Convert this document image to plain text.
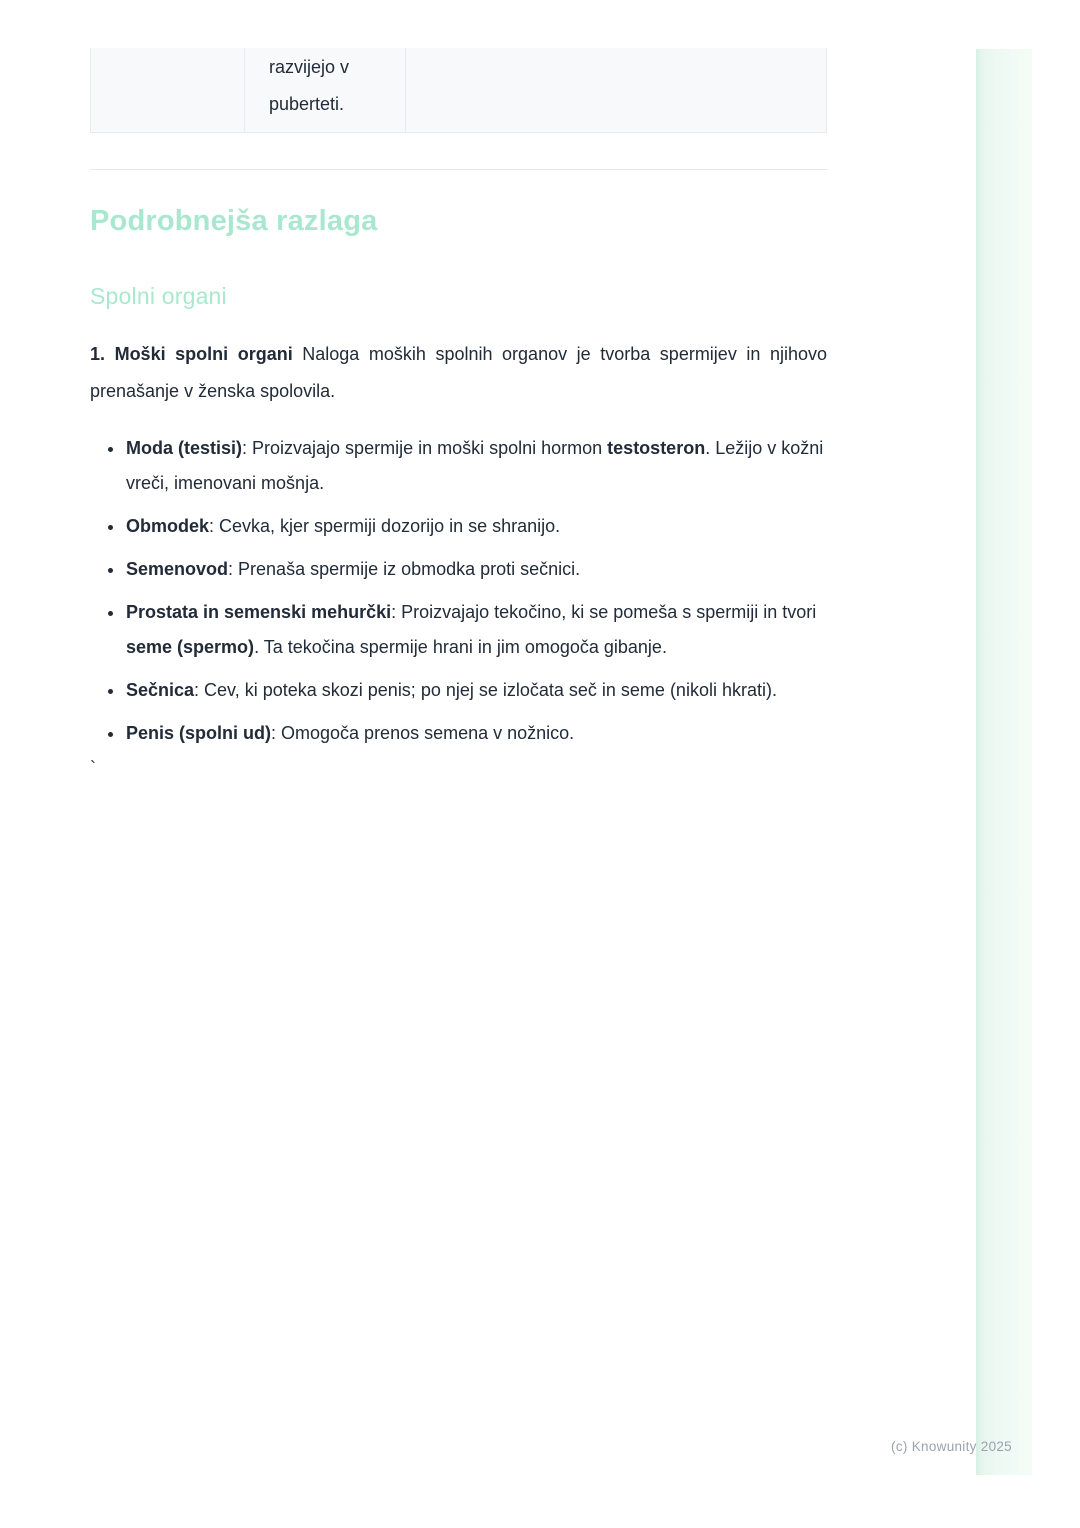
	razvijejo v puberteti.	
Podrobnejša razlaga
Spolni organi

1. Moški spolni organi Naloga moških spolnih organov je tvorba spermijev in njihovo prenašanje v ženska spolovila.

• Moda (testisi): Proizvajajo spermije in moški spolni hormon testosteron. Ležijo v kožni vreči, imenovani mošnja.
• Obmodek: Cevka, kjer spermiji dozorijo in se shranijo.
• Semenovod: Prenaša spermije iz obmodka proti sečnici.
• Prostata in semenski mehurčki: Proizvajajo tekočino, ki se pomeša s spermiji in tvori seme (spermo). Ta tekočina spermije hrani in jim omogoča gibanje.
• Sečnica: Cev, ki poteka skozi penis; po njej se izločata seč in seme (nikoli hkrati).
• Penis (spolni ud): Omogoča prenos semena v nožnico.
`
(c) Knowunity 2025
